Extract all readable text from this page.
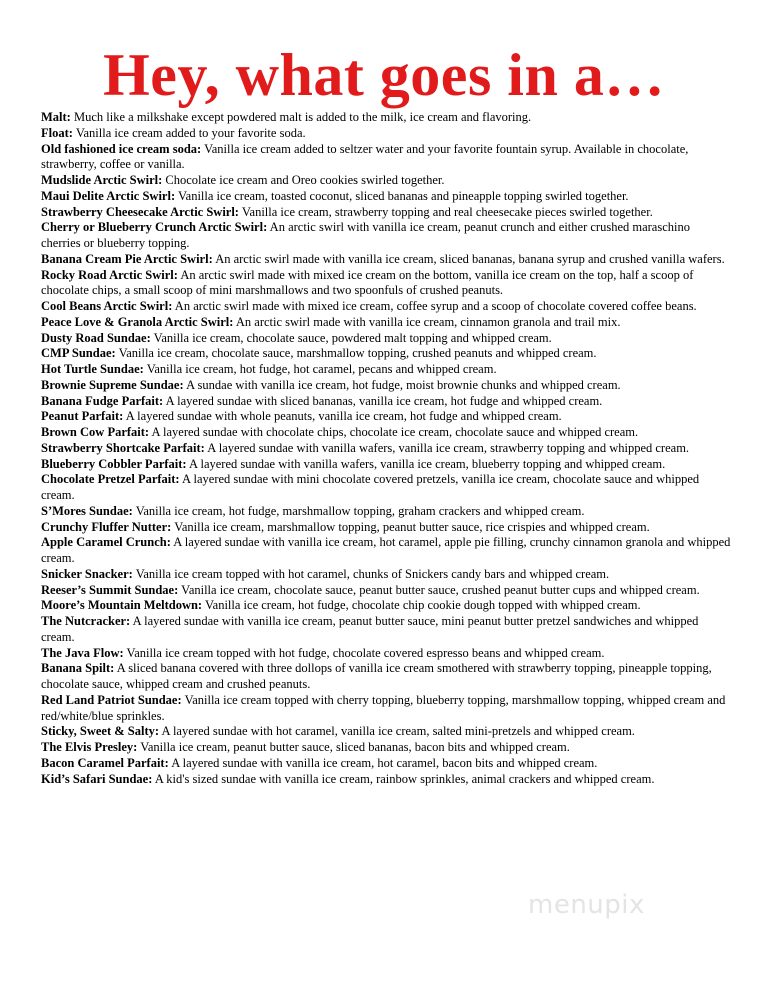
Hey, what goes in a…

Malt: Much like a milkshake except powdered malt is added to the milk, ice cream and flavoring.

Float: Vanilla ice cream added to your favorite soda.

Old fashioned ice cream soda: Vanilla ice cream added to seltzer water and your favorite fountain syrup. Available in chocolate, strawberry, coffee or vanilla.

Mudslide Arctic Swirl: Chocolate ice cream and Oreo cookies swirled together.

Maui Delite Arctic Swirl: Vanilla ice cream, toasted coconut, sliced bananas and pineapple topping swirled together.

Strawberry Cheesecake Arctic Swirl: Vanilla ice cream, strawberry topping and real cheesecake pieces swirled together.

Cherry or Blueberry Crunch Arctic Swirl: An arctic swirl with vanilla ice cream, peanut crunch and either crushed maraschino cherries or blueberry topping.

Banana Cream Pie Arctic Swirl: An arctic swirl made with vanilla ice cream, sliced bananas, banana syrup and crushed vanilla wafers.

Rocky Road Arctic Swirl: An arctic swirl made with mixed ice cream on the bottom, vanilla ice cream on the top, half a scoop of chocolate chips, a small scoop of mini marshmallows and two spoonfuls of crushed peanuts.

Cool Beans Arctic Swirl: An arctic swirl made with mixed ice cream, coffee syrup and a scoop of chocolate covered coffee beans.

Peace Love & Granola Arctic Swirl: An arctic swirl made with vanilla ice cream, cinnamon granola and trail mix.

Dusty Road Sundae: Vanilla ice cream, chocolate sauce, powdered malt topping and whipped cream.

CMP Sundae: Vanilla ice cream, chocolate sauce, marshmallow topping, crushed peanuts and whipped cream.

Hot Turtle Sundae: Vanilla ice cream, hot fudge, hot caramel, pecans and whipped cream.

Brownie Supreme Sundae: A sundae with vanilla ice cream, hot fudge, moist brownie chunks and whipped cream.

Banana Fudge Parfait: A layered sundae with sliced bananas, vanilla ice cream, hot fudge and whipped cream.

Peanut Parfait: A layered sundae with whole peanuts, vanilla ice cream, hot fudge and whipped cream.

Brown Cow Parfait: A layered sundae with chocolate chips, chocolate ice cream, chocolate sauce and whipped cream.

Strawberry Shortcake Parfait: A layered sundae with vanilla wafers, vanilla ice cream, strawberry topping and whipped cream.

Blueberry Cobbler Parfait: A layered sundae with vanilla wafers, vanilla ice cream, blueberry topping and whipped cream.

Chocolate Pretzel Parfait: A layered sundae with mini chocolate covered pretzels, vanilla ice cream, chocolate sauce and whipped cream.

S’Mores Sundae: Vanilla ice cream, hot fudge, marshmallow topping, graham crackers and whipped cream.

Crunchy Fluffer Nutter: Vanilla ice cream, marshmallow topping, peanut butter sauce, rice crispies and whipped cream.

Apple Caramel Crunch: A layered sundae with vanilla ice cream, hot caramel, apple pie filling, crunchy cinnamon granola and whipped cream.

Snicker Snacker: Vanilla ice cream topped with hot caramel, chunks of Snickers candy bars and whipped cream.

Reeser’s Summit Sundae: Vanilla ice cream, chocolate sauce, peanut butter sauce, crushed peanut butter cups and whipped cream.

Moore’s Mountain Meltdown: Vanilla ice cream, hot fudge, chocolate chip cookie dough topped with whipped cream.

The Nutcracker: A layered sundae with vanilla ice cream, peanut butter sauce, mini peanut butter pretzel sandwiches and whipped cream.

The Java Flow: Vanilla ice cream topped with hot fudge, chocolate covered espresso beans and whipped cream.

Banana Spilt: A sliced banana covered with three dollops of vanilla ice cream smothered with strawberry topping, pineapple topping, chocolate sauce, whipped cream and crushed peanuts.

Red Land Patriot Sundae: Vanilla ice cream topped with cherry topping, blueberry topping, marshmallow topping, whipped cream and red/white/blue sprinkles.

Sticky, Sweet & Salty: A layered sundae with hot caramel, vanilla ice cream, salted mini-pretzels and whipped cream.

The Elvis Presley: Vanilla ice cream, peanut butter sauce, sliced bananas, bacon bits and whipped cream.

Bacon Caramel Parfait: A layered sundae with vanilla ice cream, hot caramel, bacon bits and whipped cream.

Kid’s Safari Sundae: A kid's sized sundae with vanilla ice cream, rainbow sprinkles, animal crackers and whipped cream.

menupix
